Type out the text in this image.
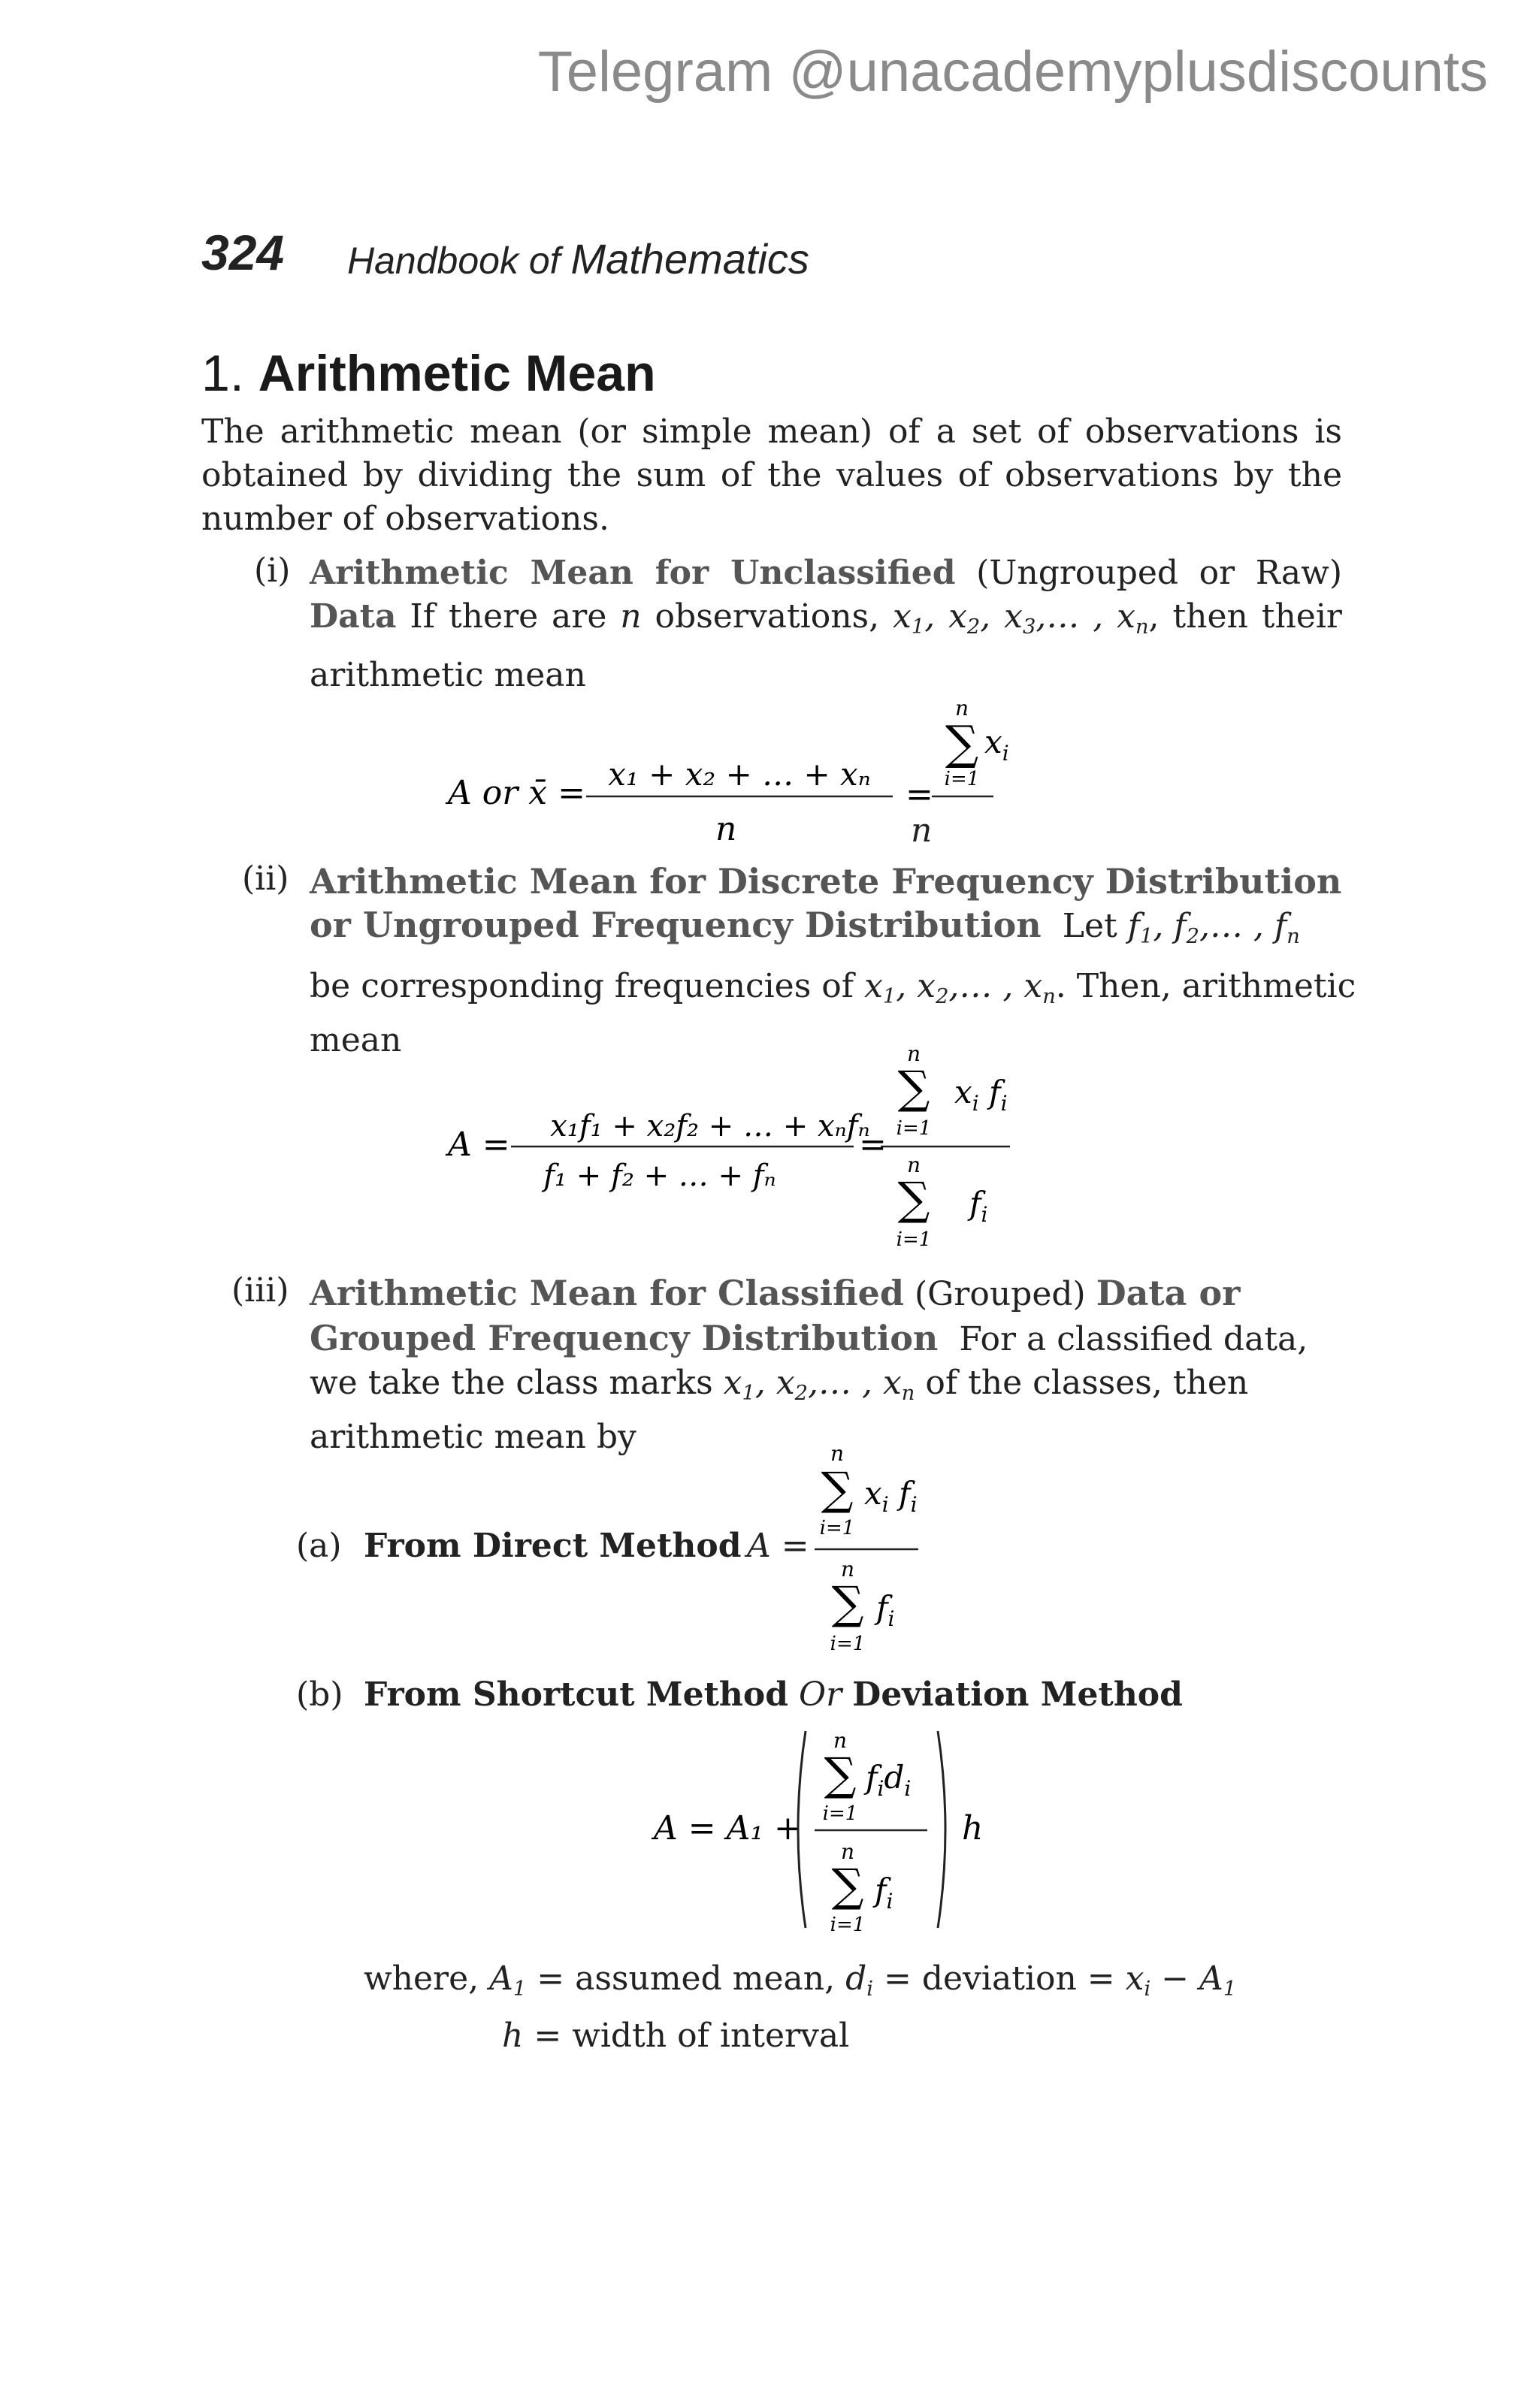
Telegram @unacademyplusdiscounts
324 Handbook of Mathematics
1. Arithmetic Mean
The arithmetic mean (or simple mean) of a set of observations is
obtained by dividing the sum of the values of observations by the
number of observations.
(i) Arithmetic Mean for Unclassified (Ungrouped or Raw)
Data If there are n observations, $x_1$, $x_2$, $x_3,\dots$ , $x_n$, then their
arithmetic mean
A or x̄ = x₁ + x₂ + … + xₙ
n
=
n
∑
i=1
$x_i$
n
(ii) Arithmetic Mean for Discrete Frequency Distribution
or Ungrouped Frequency Distribution Let $f_1$, $f_2,\dots$ , $f_n$
be corresponding frequencies of $x_1$, $x_2,\dots$ , $x_n$. Then, arithmetic
mean
A = x₁f₁ + x₂f₂ + … + xₙfₙ
f₁ + f₂ + … + fₙ
=
n
∑
i=1
$x_i$ $f_i$
n
∑
i=1
$f_i$
(iii) Arithmetic Mean for Classified (Grouped) Data or
Grouped Frequency Distribution For a classified data,
we take the class marks $x_1$, $x_2,\dots$ , $x_n$ of the classes, then
arithmetic mean by
(a) From Direct Method A =
n
∑
i=1
$x_i$ $f_i$
n
∑
i=1
$f_i$
(b) From Shortcut Method Or Deviation Method
A = A₁ +
n
∑
i=1
$f_id_i$
n
∑
i=1
$f_i$
h
where, $A_1$ = assumed mean, $d_i$ = deviation = $x_i - A_1$
h = width of interval
